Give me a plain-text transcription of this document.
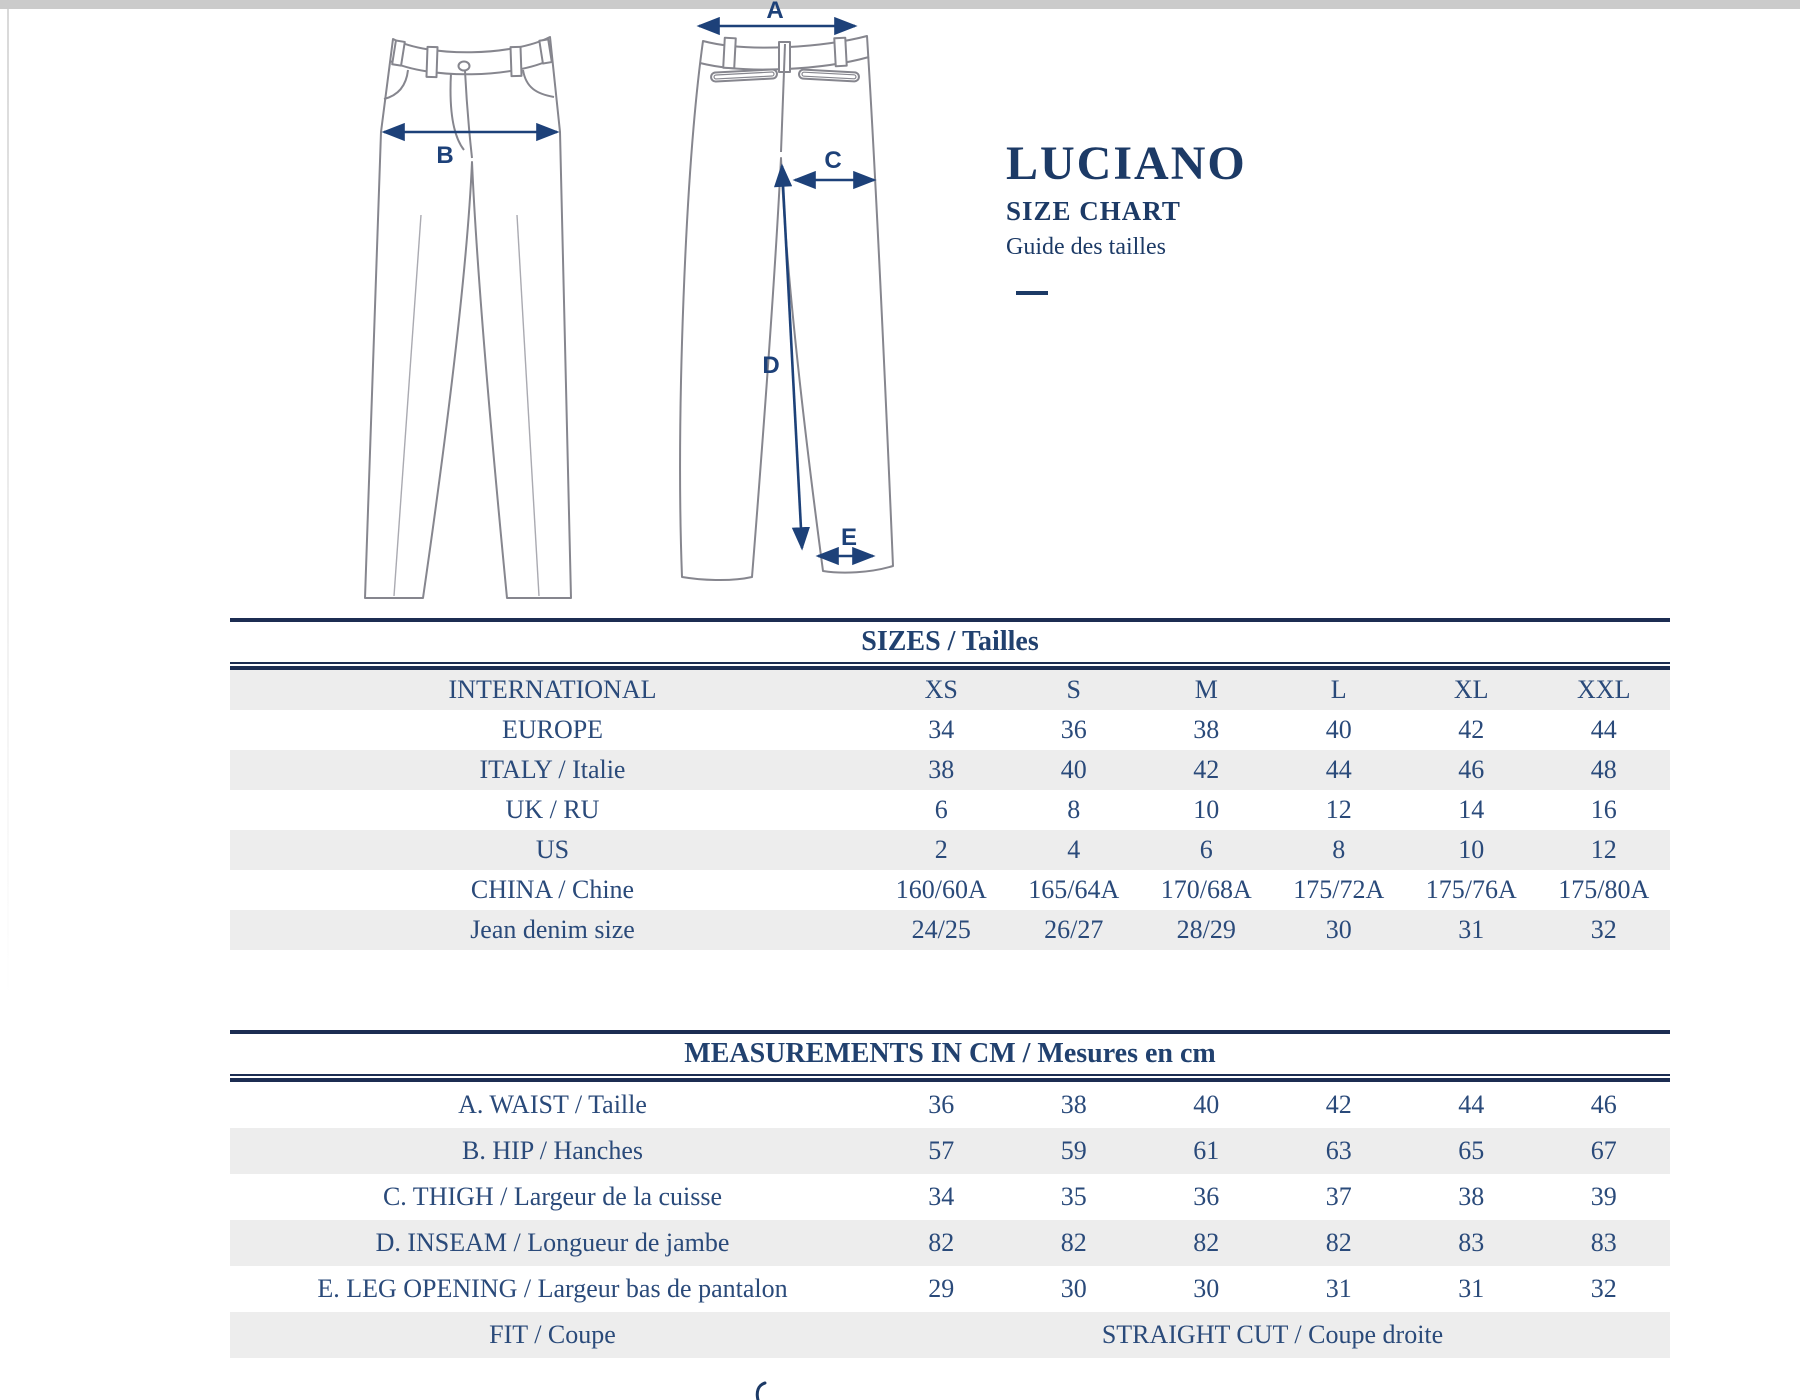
A
B	C
D
E
LUCIANO
SIZE CHART
Guide des tailles
SIZES / Tailles
INTERNATIONAL	XS	S	M	L	XL	XXL
EUROPE	34	36	38	40	42	44
ITALY / Italie	38	40	42	44	46	48
UK / RU	6	8	10	12	14	16
US	2	4	6	8	10	12
CHINA / Chine	160/60A	165/64A	170/68A	175/72A	175/76A	175/80A
Jean denim size	24/25	26/27	28/29	30	31	32
MEASUREMENTS IN CM / Mesures en cm
A. WAIST / Taille	36	38	40	42	44	46
B. HIP / Hanches	57	59	61	63	65	67
C. THIGH / Largeur de la cuisse	34	35	36	37	38	39
D. INSEAM / Longueur de jambe	82	82	82	82	83	83
E. LEG OPENING / Largeur bas de pantalon	29	30	30	31	31	32
FIT / Coupe	STRAIGHT CUT / Coupe droite
